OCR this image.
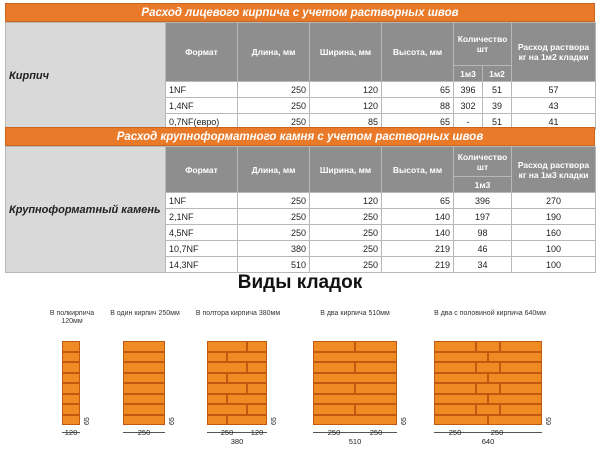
Расход лицевого кирпича с учетом растворных швов
Кирпич	Формат	Длина, мм	Ширина, мм	Высота, мм	Количество шт		Расход раствора кг на 1м2 кладки
					1м3	1м2	
	1NF	250	120	65	396	51	57
	1,4NF	250	120	88	302	39	43
	0,7NF(евро)	250	85	65	-	51	41
Расход крупноформатного камня с учетом растворных швов
Крупноформатный камень	Формат	Длина, мм	Ширина, мм	Высота, мм	Количество шт	Расход раствора кг на 1м3 кладки
					1м3	
	1NF	250	120	65	396	270
	2,1NF	250	250	140	197	190
	4,5NF	250	250	140	98	160
	10,7NF	380	250	219	46	100
	14,3NF	510	250	219	34	100
Виды кладок
В полкирпича 120мм
65
120
В один кирпич 250мм
65
250
В полтора кирпича 380мм
65
250	120
380
В два кирпича 510мм
65
250	250
510
В два с половиной кирпича 640мм
65
250	250
640
